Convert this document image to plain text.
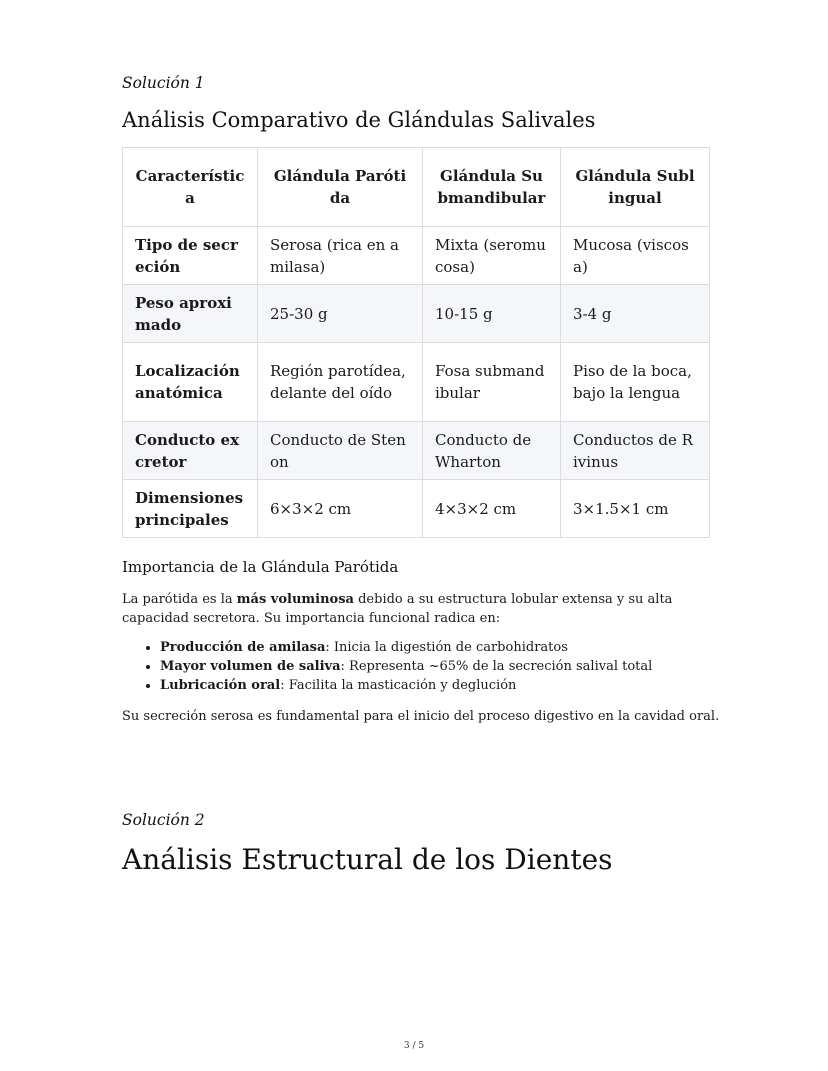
Solución 1
Análisis Comparativo de Glándulas Salivales
Característica	Glándula Parótida	Glándula Submandibular	Glándula Sublingual
Tipo de secreción	Serosa (rica en amilasa)	Mixta (seromucosa)	Mucosa (viscosa)
Peso aproximado	25-30 g	10-15 g	3-4 g
Localización anatómica	Región parotídea, delante del oído	Fosa submandibular	Piso de la boca, bajo la lengua
Conducto excretor	Conducto de Stenon	Conducto de Wharton	Conductos de Rivinus
Dimensiones principales	6×3×2 cm	4×3×2 cm	3×1.5×1 cm
Importancia de la Glándula Parótida
La parótida es la más voluminosa debido a su estructura lobular extensa y su alta capacidad secretora. Su importancia funcional radica en:
• Producción de amilasa: Inicia la digestión de carbohidratos
• Mayor volumen de saliva: Representa ~65% de la secreción salival total
• Lubricación oral: Facilita la masticación y deglución
Su secreción serosa es fundamental para el inicio del proceso digestivo en la cavidad oral.
Solución 2
Análisis Estructural de los Dientes
3 / 5
